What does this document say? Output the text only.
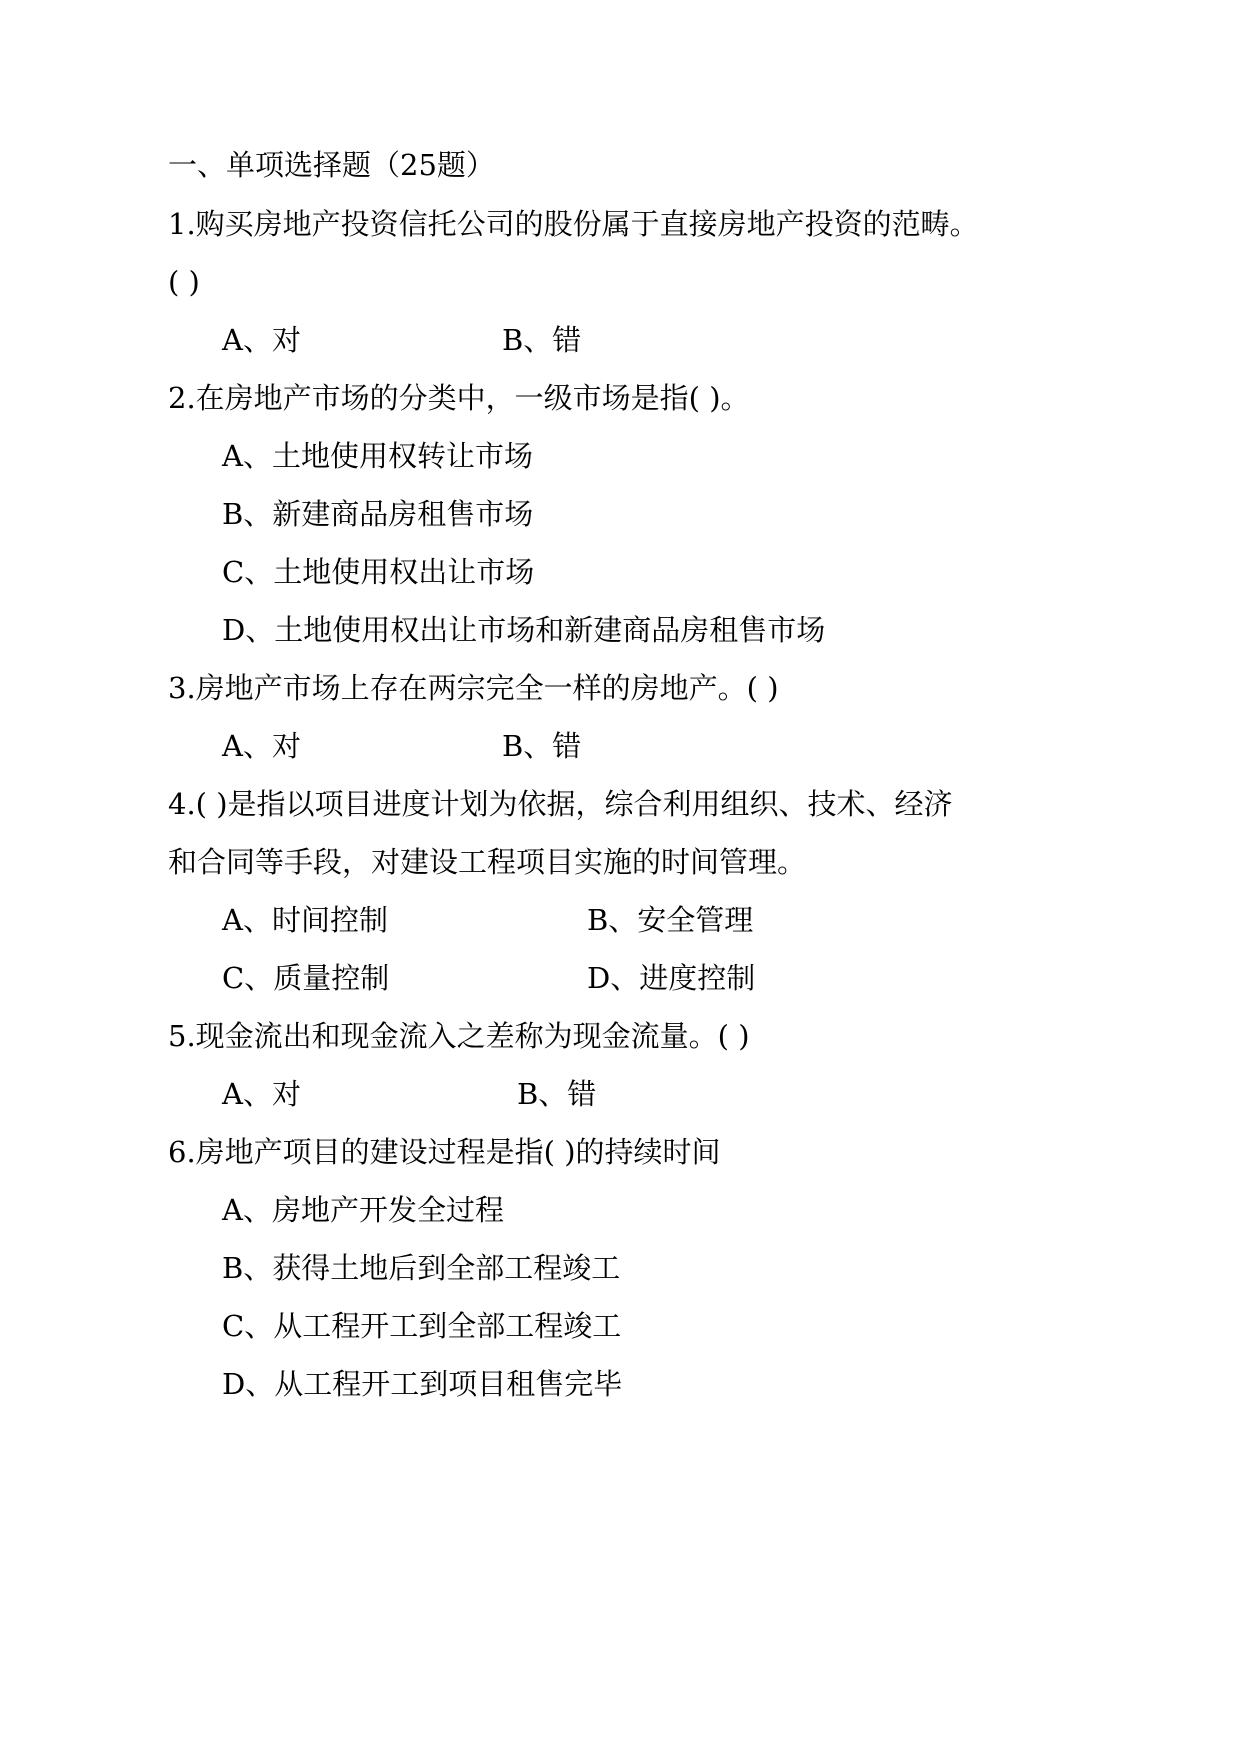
一、单项选择题（25题）

1.购买房地产投资信托公司的股份属于直接房地产投资的范畴。

( )

A、对	B、错

2.在房地产市场的分类中，一级市场是指( )。

A、土地使用权转让市场

B、新建商品房租售市场

C、土地使用权出让市场

D、土地使用权出让市场和新建商品房租售市场

3.房地产市场上存在两宗完全一样的房地产。( )

A、对	B、错

4.( )是指以项目进度计划为依据，综合利用组织、技术、经济

和合同等手段，对建设工程项目实施的时间管理。

A、时间控制	B、安全管理

C、质量控制	D、进度控制

5.现金流出和现金流入之差称为现金流量。( )

A、对	B、错

6.房地产项目的建设过程是指( )的持续时间

A、房地产开发全过程

B、获得土地后到全部工程竣工

C、从工程开工到全部工程竣工

D、从工程开工到项目租售完毕
